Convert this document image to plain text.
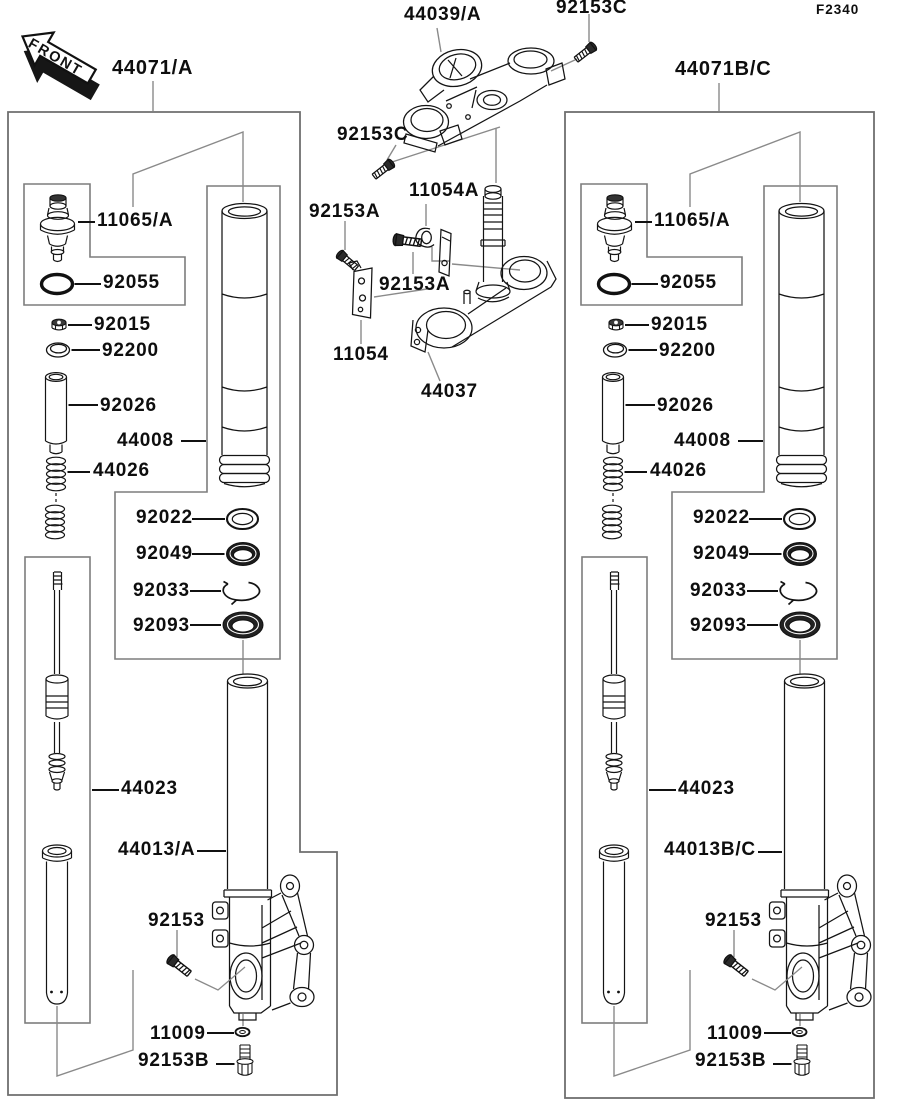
FRONT
F2340
44039/A	92153C
92153C
11054A
92153A
92153A
11054
44037
44071/A
11065/A
92055
92015
92200
92026
44008
44026
92022
92049
92033
92093
44023
44013/A
92153
11009
92153B
44071B/C
11065/A
92055
92015
92200
92026
44008
44026
92022
92049
92033
92093
44023
44013B/C
92153
11009
92153B
